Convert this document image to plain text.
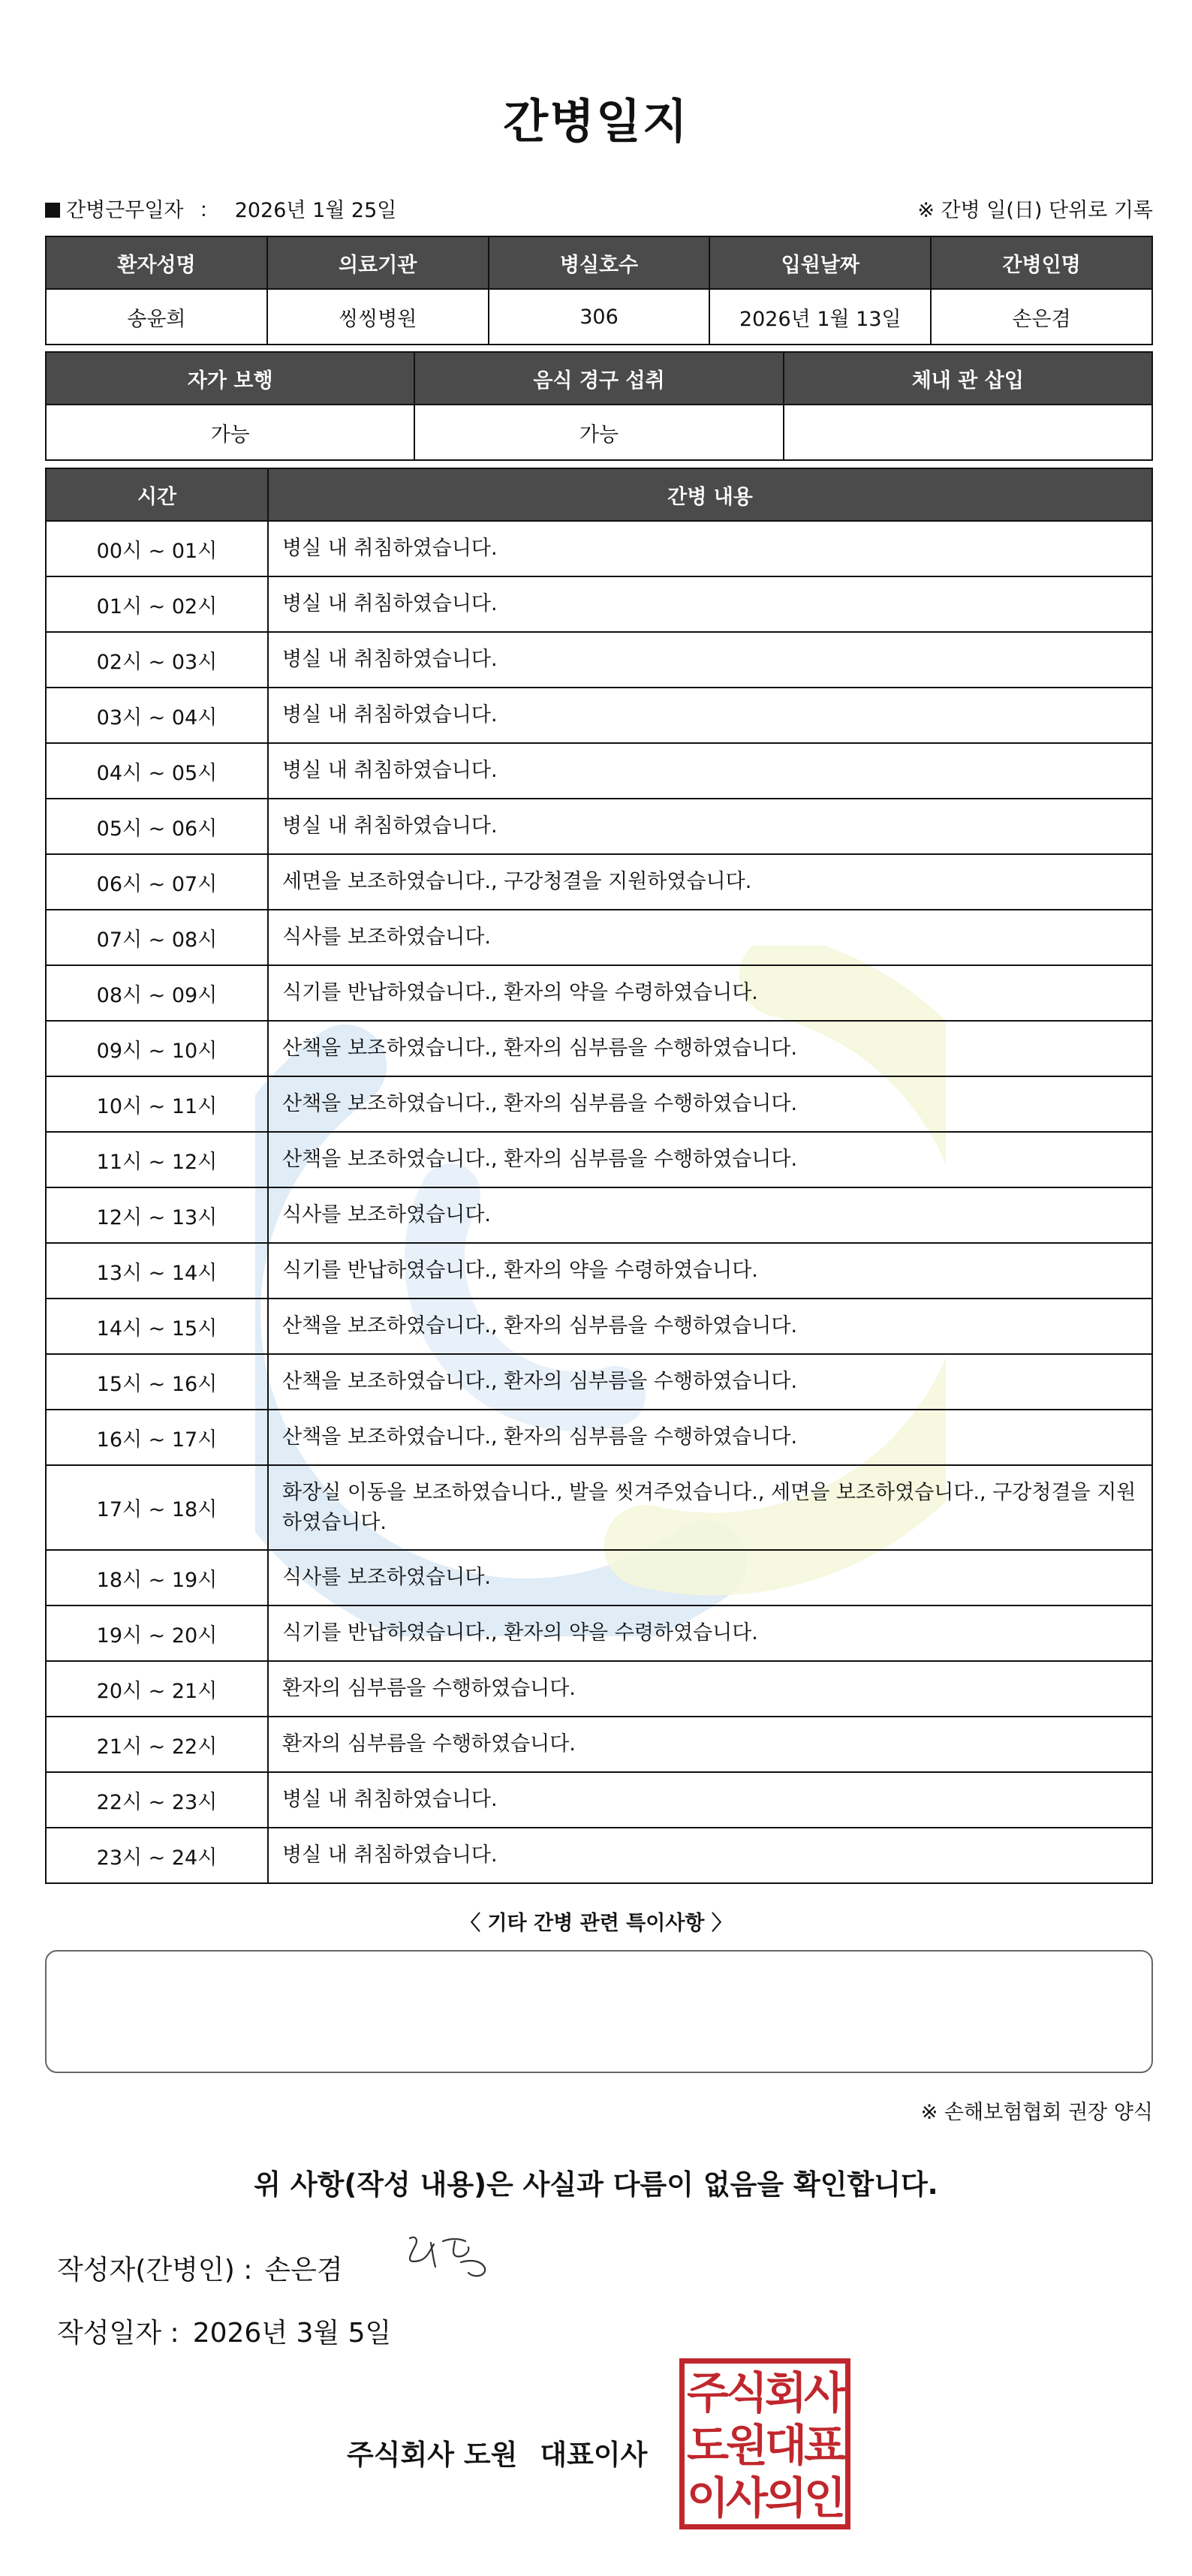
간병일지
간병근무일자 ： 2026년 1월 25일	※ 간병 일(日) 단위로 기록
환자성명	의료기관	병실호수	입원날짜	간병인명
송윤희	씽씽병원	306	2026년 1월 13일	손은겸
자가 보행	음식 경구 섭취	체내 관 삽입
가능	가능	
시간	간병 내용
00시 ~ 01시	병실 내 취침하였습니다.
01시 ~ 02시	병실 내 취침하였습니다.
02시 ~ 03시	병실 내 취침하였습니다.
03시 ~ 04시	병실 내 취침하였습니다.
04시 ~ 05시	병실 내 취침하였습니다.
05시 ~ 06시	병실 내 취침하였습니다.
06시 ~ 07시	세면을 보조하였습니다., 구강청결을 지원하였습니다.
07시 ~ 08시	식사를 보조하였습니다.
08시 ~ 09시	식기를 반납하였습니다., 환자의 약을 수령하였습니다.
09시 ~ 10시	산책을 보조하였습니다., 환자의 심부름을 수행하였습니다.
10시 ~ 11시	산책을 보조하였습니다., 환자의 심부름을 수행하였습니다.
11시 ~ 12시	산책을 보조하였습니다., 환자의 심부름을 수행하였습니다.
12시 ~ 13시	식사를 보조하였습니다.
13시 ~ 14시	식기를 반납하였습니다., 환자의 약을 수령하였습니다.
14시 ~ 15시	산책을 보조하였습니다., 환자의 심부름을 수행하였습니다.
15시 ~ 16시	산책을 보조하였습니다., 환자의 심부름을 수행하였습니다.
16시 ~ 17시	산책을 보조하였습니다., 환자의 심부름을 수행하였습니다.
17시 ~ 18시	화장실 이동을 보조하였습니다., 발을 씻겨주었습니다., 세면을 보조하였습니다., 구강청결을 지원하였습니다.
18시 ~ 19시	식사를 보조하였습니다.
19시 ~ 20시	식기를 반납하였습니다., 환자의 약을 수령하였습니다.
20시 ~ 21시	환자의 심부름을 수행하였습니다.
21시 ~ 22시	환자의 심부름을 수행하였습니다.
22시 ~ 23시	병실 내 취침하였습니다.
23시 ~ 24시	병실 내 취침하였습니다.
〈 기타 간병 관련 특이사항 〉
※ 손해보험협회 권장 양식
위 사항(작성 내용)은 사실과 다름이 없음을 확인합니다.
작성자(간병인) : 손은겸
작성일자 : 2026년 3월 5일
주식회사 도원 대표이사
주식회사
도원대표
이사의인
